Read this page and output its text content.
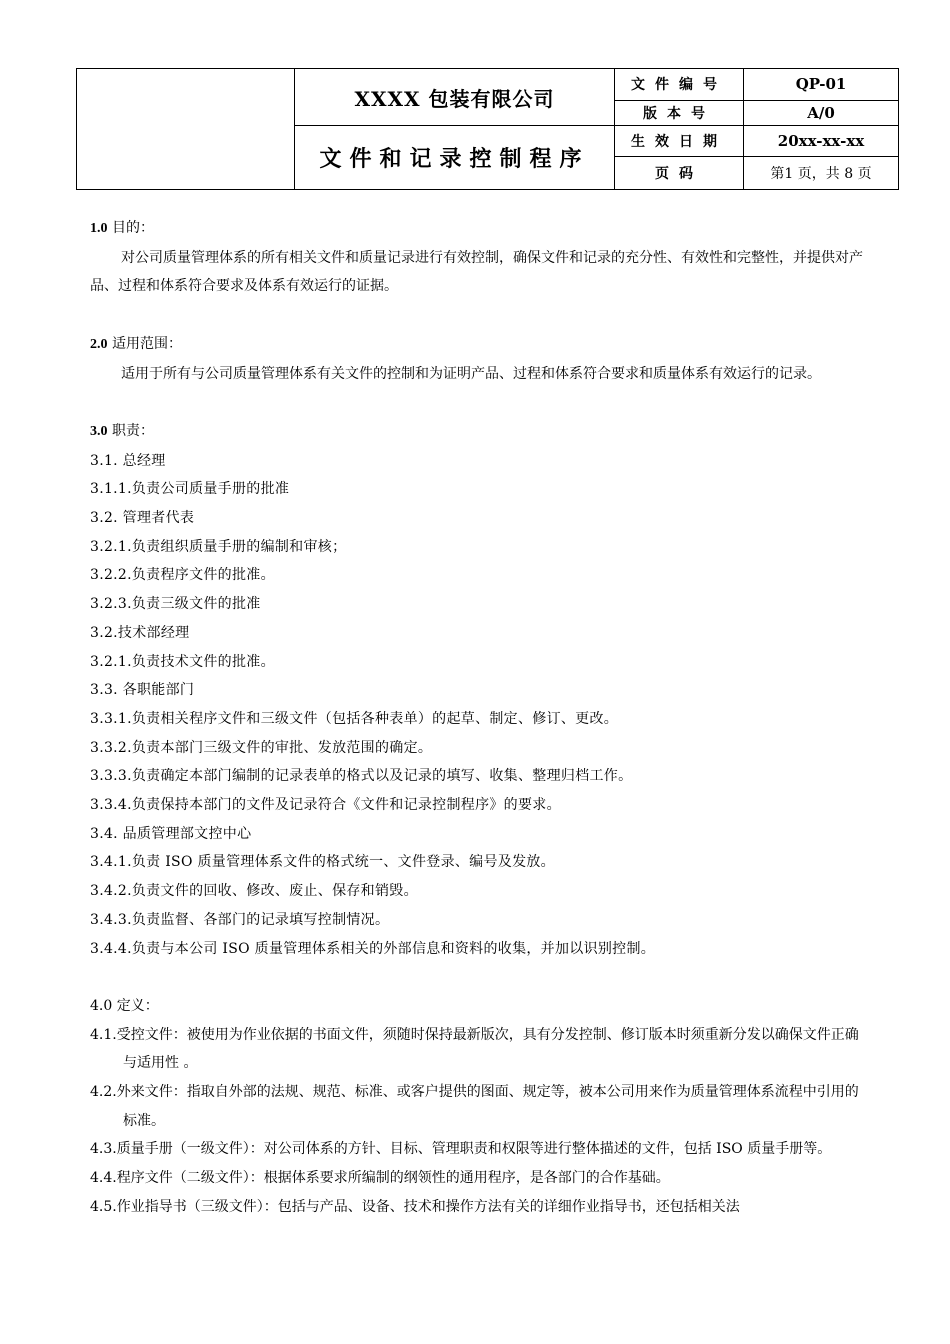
	XXXX 包装有限公司	文件编号	QP-01
		版本号	A/0
	文件和记录控制程序	生效日期	20xx-xx-xx
		页码	第1 页，共 8 页

1.0 目的：

对公司质量管理体系的所有相关文件和质量记录进行有效控制，确保文件和记录的充分性、有效性和完整性，并提供对产品、过程和体系符合要求及体系有效运行的证据。

2.0 适用范围：

适用于所有与公司质量管理体系有关文件的控制和为证明产品、过程和体系符合要求和质量体系有效运行的记录。

3.0 职责：

3.1. 总经理

3.1.1.负责公司质量手册的批准

3.2. 管理者代表

3.2.1.负责组织质量手册的编制和审核；

3.2.2.负责程序文件的批准。

3.2.3.负责三级文件的批准

3.2.技术部经理

3.2.1.负责技术文件的批准。

3.3. 各职能部门

3.3.1.负责相关程序文件和三级文件（包括各种表单）的起草、制定、修订、更改。

3.3.2.负责本部门三级文件的审批、发放范围的确定。

3.3.3.负责确定本部门编制的记录表单的格式以及记录的填写、收集、整理归档工作。

3.3.4.负责保持本部门的文件及记录符合《文件和记录控制程序》的要求。

3.4. 品质管理部文控中心

3.4.1.负责 ISO 质量管理体系文件的格式统一、文件登录、编号及发放。

3.4.2.负责文件的回收、修改、废止、保存和销毁。

3.4.3.负责监督、各部门的记录填写控制情况。

3.4.4.负责与本公司 ISO 质量管理体系相关的外部信息和资料的收集，并加以识别控制。

4.0 定义：

4.1.受控文件：被使用为作业依据的书面文件，须随时保持最新版次，具有分发控制、修订版本时须重新分发以确保文件正确与适用性 。

4.2.外来文件：指取自外部的法规、规范、标准、或客户提供的图面、规定等，被本公司用来作为质量管理体系流程中引用的标准。

4.3.质量手册（一级文件）：对公司体系的方针、目标、管理职责和权限等进行整体描述的文件，包括 ISO 质量手册等。

4.4.程序文件（二级文件）：根据体系要求所编制的纲领性的通用程序，是各部门的合作基础。

4.5.作业指导书（三级文件）：包括与产品、设备、技术和操作方法有关的详细作业指导书，还包括相关法
